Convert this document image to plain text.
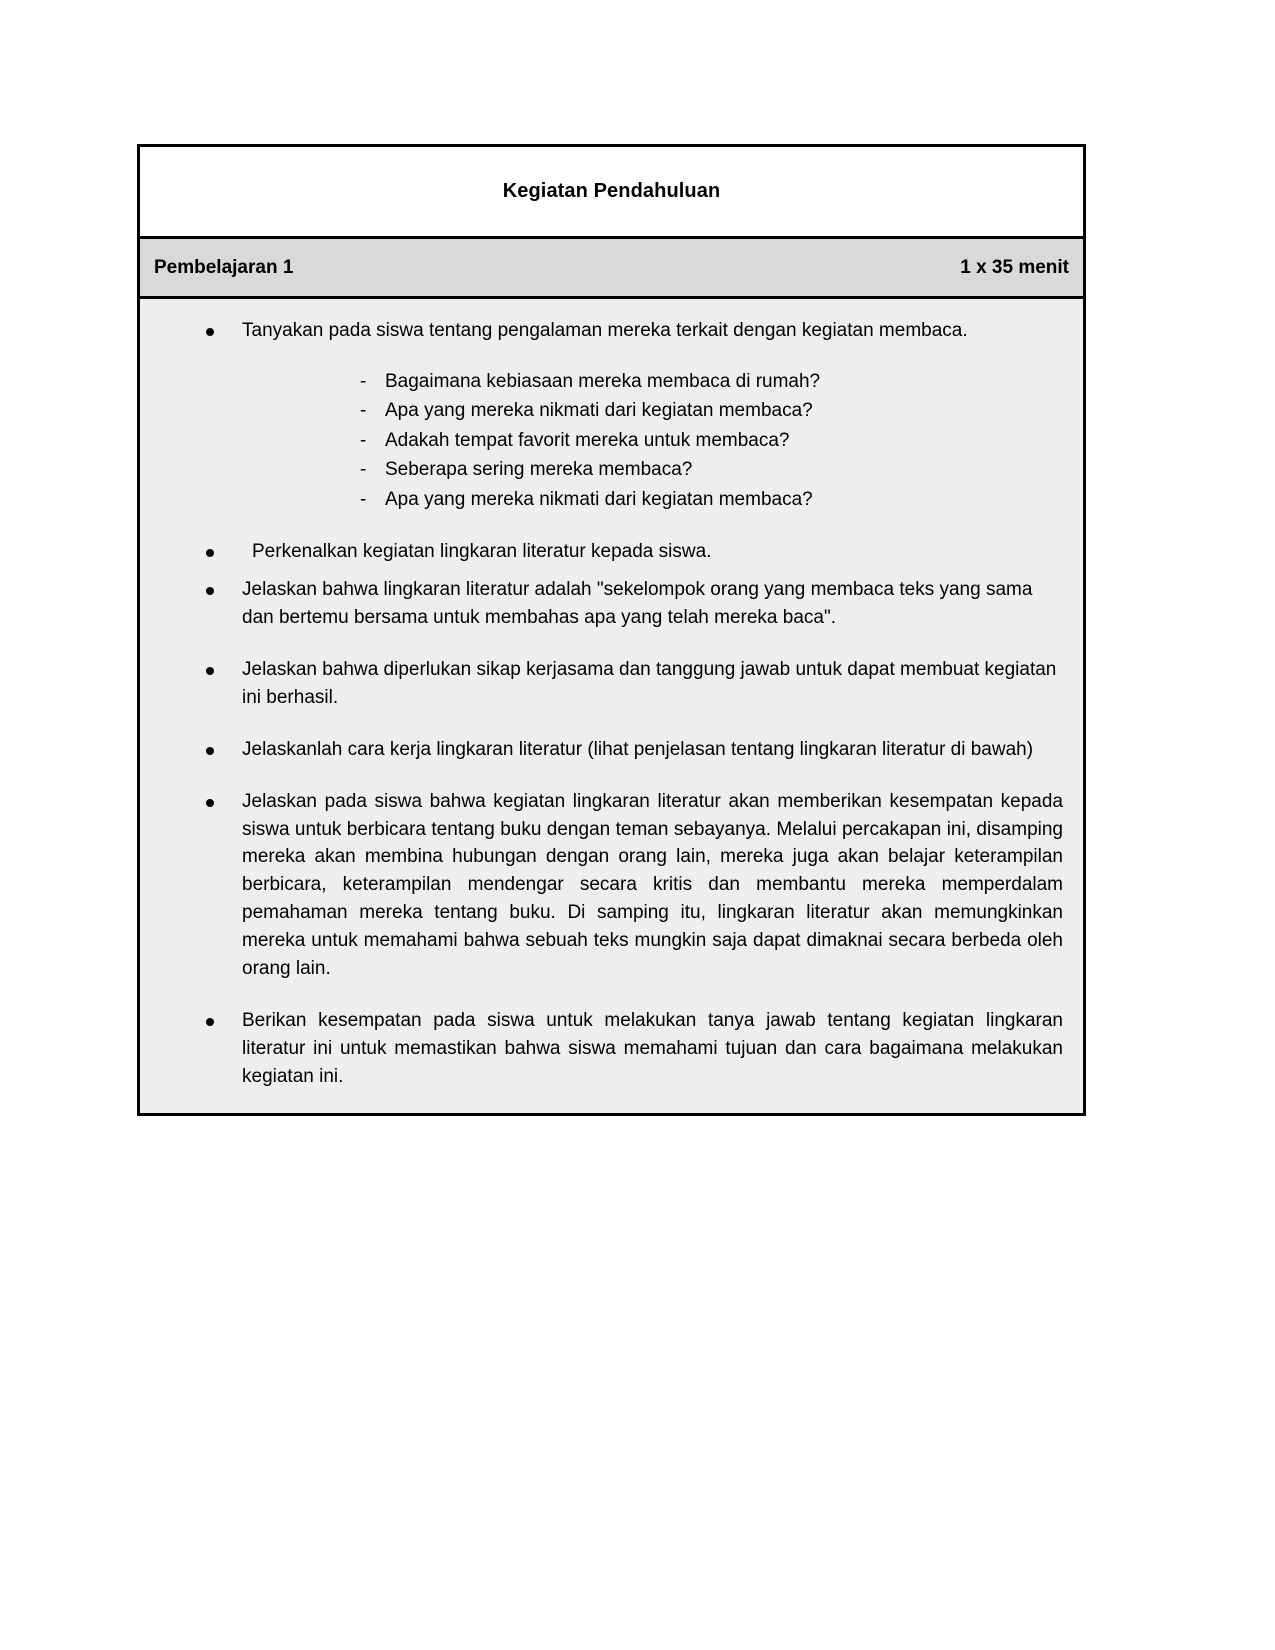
Kegiatan Pendahuluan
Pembelajaran 1	1 x 35 menit
Tanyakan pada siswa tentang pengalaman mereka terkait dengan kegiatan membaca.
- Bagaimana kebiasaan mereka membaca di rumah?
- Apa yang mereka nikmati dari kegiatan membaca?
- Adakah tempat favorit mereka untuk membaca?
- Seberapa sering mereka membaca?
- Apa yang mereka nikmati dari kegiatan membaca?
Perkenalkan kegiatan lingkaran literatur kepada siswa.
Jelaskan bahwa lingkaran literatur adalah "sekelompok orang yang membaca teks yang sama dan bertemu bersama untuk membahas apa yang telah mereka baca".
Jelaskan bahwa diperlukan sikap kerjasama dan tanggung jawab untuk dapat membuat kegiatan ini berhasil.
Jelaskanlah cara kerja lingkaran literatur (lihat penjelasan tentang lingkaran literatur di bawah)
Jelaskan pada siswa bahwa kegiatan lingkaran literatur akan memberikan kesempatan kepada siswa untuk berbicara tentang buku dengan teman sebayanya. Melalui percakapan ini, disamping mereka akan membina hubungan dengan orang lain, mereka juga akan belajar keterampilan berbicara, keterampilan mendengar secara kritis dan membantu mereka memperdalam pemahaman mereka tentang buku. Di samping itu, lingkaran literatur akan memungkinkan mereka untuk memahami bahwa sebuah teks mungkin saja dapat dimaknai secara berbeda oleh orang lain.
Berikan kesempatan pada siswa untuk melakukan tanya jawab tentang kegiatan lingkaran literatur ini untuk memastikan bahwa siswa memahami tujuan dan cara bagaimana melakukan kegiatan ini.
